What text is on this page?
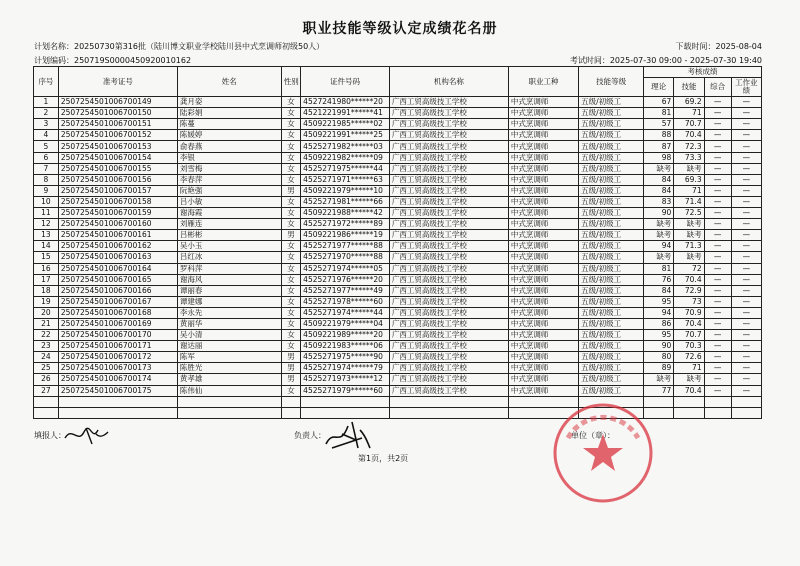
职业技能等级认定成绩花名册
计划名称：20250730第316批（陆川博文职业学校陆川县中式烹调师初级50人）
计划编码：250719S0000450920010162
下载时间：2025-08-04
考试时间：2025-07-30 09:00 - 2025-07-30 19:40
序号	准考证号	姓名	性别	证件号码	机构名称	职业工种	技能等级	考核成绩			
								理论	技能	综合	工作业绩
1	2507254501006700149	龚月姿	女	4527241980******20	广西工贸高级技工学校	中式烹调师	五级/初级工	67	69.2	—	—
2	2507254501006700150	陆彩娟	女	4521221991******41	广西工贸高级技工学校	中式烹调师	五级/初级工	81	71	—	—
3	2507254501006700151	陈蔓	女	4509221985******02	广西工贸高级技工学校	中式烹调师	五级/初级工	57	70.7	—	—
4	2507254501006700152	陈媛婷	女	4509221991******25	广西工贸高级技工学校	中式烹调师	五级/初级工	88	70.4	—	—
5	2507254501006700153	俞春燕	女	4525271982******03	广西工贸高级技工学校	中式烹调师	五级/初级工	87	72.3	—	—
6	2507254501006700154	李银	女	4509221982******09	广西工贸高级技工学校	中式烹调师	五级/初级工	98	73.3	—	—
7	2507254501006700155	刘雪梅	女	4525271975******44	广西工贸高级技工学校	中式烹调师	五级/初级工	缺考	缺考	—	—
8	2507254501006700156	李春萍	女	4525271971******63	广西工贸高级技工学校	中式烹调师	五级/初级工	84	69.3	—	—
9	2507254501006700157	阮艳强	男	4509221979******10	广西工贸高级技工学校	中式烹调师	五级/初级工	84	71	—	—
10	2507254501006700158	吕小敏	女	4525271981******66	广西工贸高级技工学校	中式烹调师	五级/初级工	83	71.4	—	—
11	2507254501006700159	谢海霞	女	4509221988******42	广西工贸高级技工学校	中式烹调师	五级/初级工	90	72.5	—	—
12	2507254501006700160	刘雁连	女	4525271972******89	广西工贸高级技工学校	中式烹调师	五级/初级工	缺考	缺考	—	—
13	2507254501006700161	吕彬彬	男	4509221986******19	广西工贸高级技工学校	中式烹调师	五级/初级工	缺考	缺考	—	—
14	2507254501006700162	吴小玉	女	4525271977******88	广西工贸高级技工学校	中式烹调师	五级/初级工	94	71.3	—	—
15	2507254501006700163	吕红冰	女	4525271970******88	广西工贸高级技工学校	中式烹调师	五级/初级工	缺考	缺考	—	—
16	2507254501006700164	罗科萍	女	4525271974******05	广西工贸高级技工学校	中式烹调师	五级/初级工	81	72	—	—
17	2507254501006700165	谢海风	女	4525271976******20	广西工贸高级技工学校	中式烹调师	五级/初级工	76	70.4	—	—
18	2507254501006700166	谭丽春	女	4525271977******49	广西工贸高级技工学校	中式烹调师	五级/初级工	84	72.9	—	—
19	2507254501006700167	谭建娜	女	4525271978******60	广西工贸高级技工学校	中式烹调师	五级/初级工	95	73	—	—
20	2507254501006700168	李永先	女	4525271974******44	广西工贸高级技工学校	中式烹调师	五级/初级工	94	70.9	—	—
21	2507254501006700169	黄丽华	女	4509221979******04	广西工贸高级技工学校	中式烹调师	五级/初级工	86	70.4	—	—
22	2507254501006700170	吴小清	女	4509221989******20	广西工贸高级技工学校	中式烹调师	五级/初级工	95	70.7	—	—
23	2507254501006700171	谢达丽	女	4509221983******06	广西工贸高级技工学校	中式烹调师	五级/初级工	90	70.3	—	—
24	2507254501006700172	陈军	男	4525271975******90	广西工贸高级技工学校	中式烹调师	五级/初级工	80	72.6	—	—
25	2507254501006700173	陈胜光	男	4525271974******79	广西工贸高级技工学校	中式烹调师	五级/初级工	89	71	—	—
26	2507254501006700174	黄孝雄	男	4525271973******12	广西工贸高级技工学校	中式烹调师	五级/初级工	缺考	缺考	—	—
27	2507254501006700175	陈伟仙	女	4525271979******60	广西工贸高级技工学校	中式烹调师	五级/初级工	77	70.4	—	—

填报人：	负责人：
第1页，共2页
单位（章）：
